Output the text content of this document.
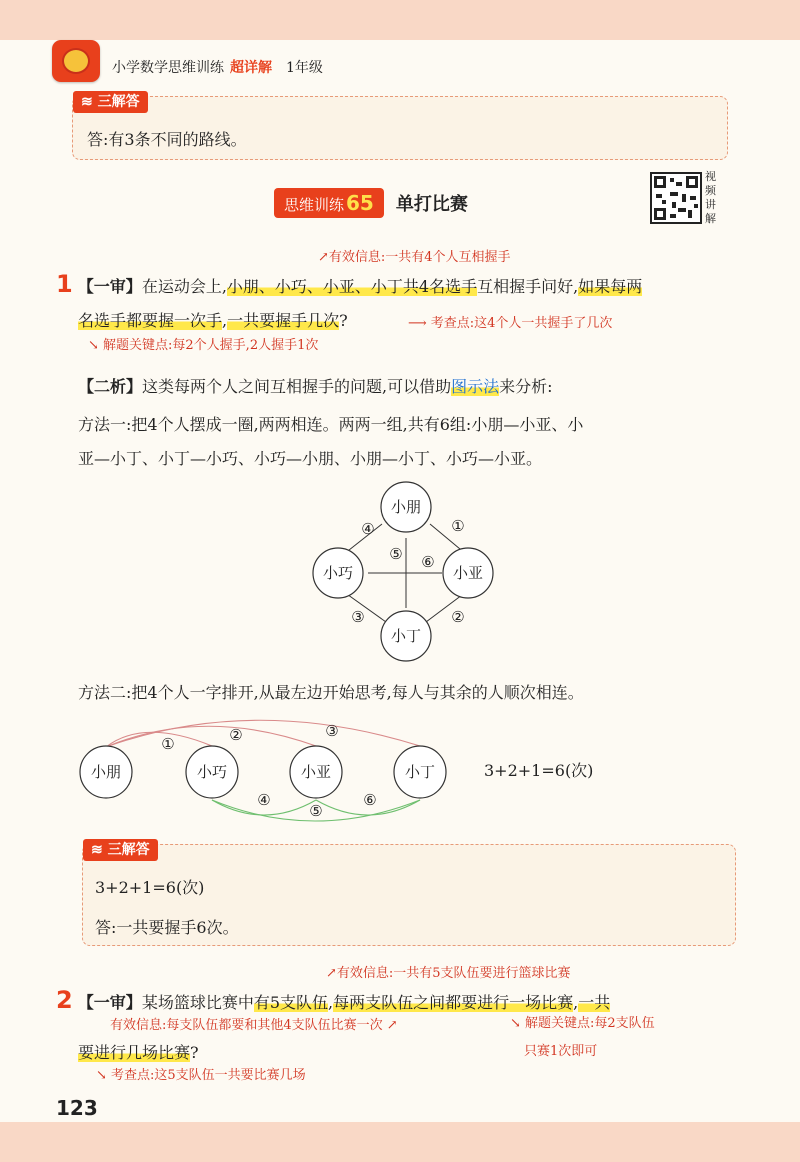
小学数学思维训练 超详解 1年级
≋ 三解答
答:有3条不同的路线。
思维训练 65 单打比赛
视频讲解
↗有效信息:一共有4个人互相握手
1 【一审】在运动会上,小朋、小巧、小亚、小丁共4名选手互相握手问好,如果每两
名选手都要握一次手,一共要握手几次?	⟶ 考查点:这4个人一共握手了几次
↘ 解题关键点:每2个人握手,2人握手1次
【二析】这类每两个人之间互相握手的问题,可以借助图示法来分析:
方法一:把4个人摆成一圈,两两相连。两两一组,共有6组:小朋—小亚、小
亚—小丁、小丁—小巧、小巧—小朋、小朋—小丁、小巧—小亚。
小朋
小巧	小亚
小丁
①
②
③
④
⑤ ⑥
方法二:把4个人一字排开,从最左边开始思考,每人与其余的人顺次相连。
小朋	小巧	小亚	小丁
①	②	③
④
⑤
⑥
3+2+1=6(次)
≋ 三解答
3+2+1=6(次)
答:一共要握手6次。
↗有效信息:一共有5支队伍要进行篮球比赛
2 【一审】某场篮球比赛中有5支队伍,每两支队伍之间都要进行一场比赛,一共
有效信息:每支队伍都要和其他4支队伍比赛一次 ↗	↘ 解题关键点:每2支队伍
只赛1次即可
要进行几场比赛?
↘ 考查点:这5支队伍一共要比赛几场
123
